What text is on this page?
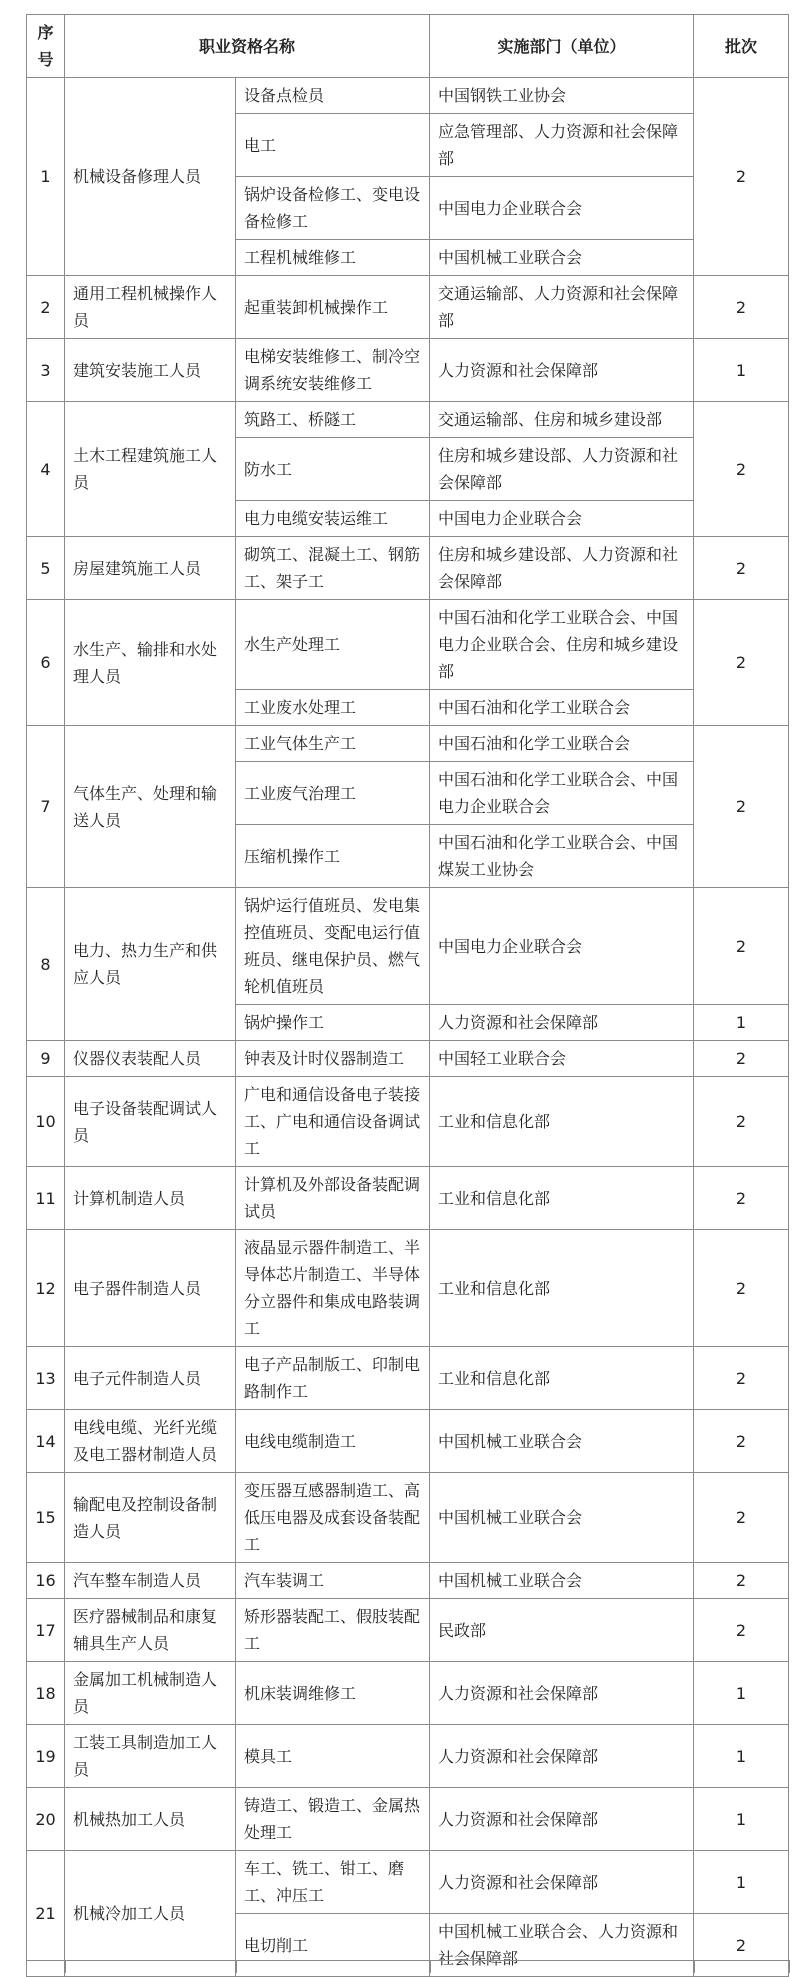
序号	职业资格名称		实施部门（单位）	批次
1	机械设备修理人员	设备点检员	中国钢铁工业协会	2
		电工	应急管理部、人力资源和社会保障部	
		锅炉设备检修工、变电设备检修工	中国电力企业联合会	
		工程机械维修工	中国机械工业联合会	
2	通用工程机械操作人员	起重装卸机械操作工	交通运输部、人力资源和社会保障部	2
3	建筑安装施工人员	电梯安装维修工、制冷空调系统安装维修工	人力资源和社会保障部	1
4	土木工程建筑施工人员	筑路工、桥隧工	交通运输部、住房和城乡建设部	2
		防水工	住房和城乡建设部、人力资源和社会保障部	
		电力电缆安装运维工	中国电力企业联合会	
5	房屋建筑施工人员	砌筑工、混凝土工、钢筋工、架子工	住房和城乡建设部、人力资源和社会保障部	2
6	水生产、输排和水处理人员	水生产处理工	中国石油和化学工业联合会、中国电力企业联合会、住房和城乡建设部	2
		工业废水处理工	中国石油和化学工业联合会	
7	气体生产、处理和输送人员	工业气体生产工	中国石油和化学工业联合会	2
		工业废气治理工	中国石油和化学工业联合会、中国电力企业联合会	
		压缩机操作工	中国石油和化学工业联合会、中国煤炭工业协会	
8	电力、热力生产和供应人员	锅炉运行值班员、发电集控值班员、变配电运行值班员、继电保护员、燃气轮机值班员	中国电力企业联合会	2
		锅炉操作工	人力资源和社会保障部	1
9	仪器仪表装配人员	钟表及计时仪器制造工	中国轻工业联合会	2
10	电子设备装配调试人员	广电和通信设备电子装接工、广电和通信设备调试工	工业和信息化部	2
11	计算机制造人员	计算机及外部设备装配调试员	工业和信息化部	2
12	电子器件制造人员	液晶显示器件制造工、半导体芯片制造工、半导体分立器件和集成电路装调工	工业和信息化部	2
13	电子元件制造人员	电子产品制版工、印制电路制作工	工业和信息化部	2
14	电线电缆、光纤光缆及电工器材制造人员	电线电缆制造工	中国机械工业联合会	2
15	输配电及控制设备制造人员	变压器互感器制造工、高低压电器及成套设备装配工	中国机械工业联合会	2
16	汽车整车制造人员	汽车装调工	中国机械工业联合会	2
17	医疗器械制品和康复辅具生产人员	矫形器装配工、假肢装配工	民政部	2
18	金属加工机械制造人员	机床装调维修工	人力资源和社会保障部	1
19	工装工具制造加工人员	模具工	人力资源和社会保障部	1
20	机械热加工人员	铸造工、锻造工、金属热处理工	人力资源和社会保障部	1
21	机械冷加工人员	车工、铣工、钳工、磨工、冲压工	人力资源和社会保障部	1
		电切削工	中国机械工业联合会、人力资源和社会保障部	2
